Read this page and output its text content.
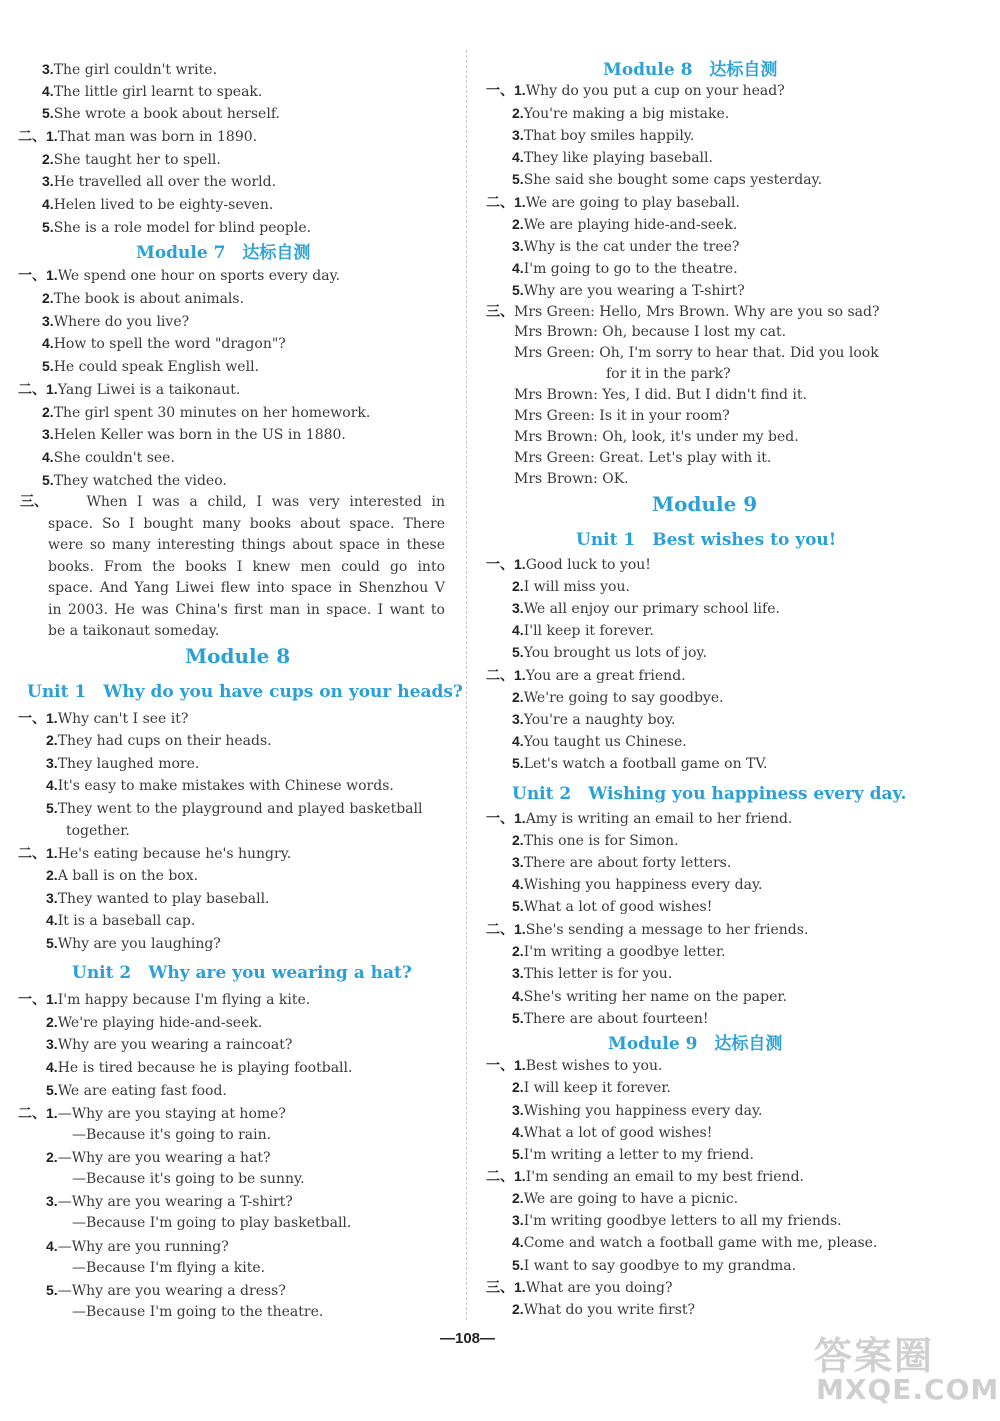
3.The girl couldn't write.
4.The little girl learnt to speak.
5.She wrote a book about herself.
二、1.That man was born in 1890.
2.She taught her to spell.
3.He travelled all over the world.
4.Helen lived to be eighty-seven.
5.She is a role model for blind people.
Module 7　达标自测
一、1.We spend one hour on sports every day.
2.The book is about animals.
3.Where do you live?
4.How to spell the word "dragon"?
5.He could speak English well.
二、1.Yang Liwei is a taikonaut.
2.The girl spent 30 minutes on her homework.
3.Helen Keller was born in the US in 1880.
4.She couldn't see.
5.They watched the video.
三、 　　When I was a child, I was very interested in
space. So I bought many books about space. There
were so many interesting things about space in these
books. From the books I knew men could go into
space. And Yang Liwei flew into space in Shenzhou V
in 2003. He was China's first man in space. I want to
be a taikonaut someday.
Module 8
Unit 1　Why do you have cups on your heads?
一、1.Why can't I see it?
2.They had cups on their heads.
3.They laughed more.
4.It's easy to make mistakes with Chinese words.
5.They went to the playground and played basketball
together.
二、1.He's eating because he's hungry.
2.A ball is on the box.
3.They wanted to play baseball.
4.It is a baseball cap.
5.Why are you laughing?
Unit 2　Why are you wearing a hat?
一、1.I'm happy because I'm flying a kite.
2.We're playing hide-and-seek.
3.Why are you wearing a raincoat?
4.He is tired because he is playing football.
5.We are eating fast food.
二、1.—Why are you staying at home?
—Because it's going to rain.
2.—Why are you wearing a hat?
—Because it's going to be sunny.
3.—Why are you wearing a T-shirt?
—Because I'm going to play basketball.
4.—Why are you running?
—Because I'm flying a kite.
5.—Why are you wearing a dress?
—Because I'm going to the theatre.
Module 8　达标自测
一、1.Why do you put a cup on your head?
2.You're making a big mistake.
3.That boy smiles happily.
4.They like playing baseball.
5.She said she bought some caps yesterday.
二、1.We are going to play baseball.
2.We are playing hide-and-seek.
3.Why is the cat under the tree?
4.I'm going to go to the theatre.
5.Why are you wearing a T-shirt?
三、Mrs Green: Hello, Mrs Brown. Why are you so sad?
Mrs Brown: Oh, because I lost my cat.
Mrs Green: Oh, I'm sorry to hear that. Did you look
for it in the park?
Mrs Brown: Yes, I did. But I didn't find it.
Mrs Green: Is it in your room?
Mrs Brown: Oh, look, it's under my bed.
Mrs Green: Great. Let's play with it.
Mrs Brown: OK.
Module 9
Unit 1　Best wishes to you!
一、1.Good luck to you!
2.I will miss you.
3.We all enjoy our primary school life.
4.I'll keep it forever.
5.You brought us lots of joy.
二、1.You are a great friend.
2.We're going to say goodbye.
3.You're a naughty boy.
4.You taught us Chinese.
5.Let's watch a football game on TV.
Unit 2　Wishing you happiness every day.
一、1.Amy is writing an email to her friend.
2.This one is for Simon.
3.There are about forty letters.
4.Wishing you happiness every day.
5.What a lot of good wishes!
二、1.She's sending a message to her friends.
2.I'm writing a goodbye letter.
3.This letter is for you.
4.She's writing her name on the paper.
5.There are about fourteen!
Module 9　达标自测
一、1.Best wishes to you.
2.I will keep it forever.
3.Wishing you happiness every day.
4.What a lot of good wishes!
5.I'm writing a letter to my friend.
二、1.I'm sending an email to my best friend.
2.We are going to have a picnic.
3.I'm writing goodbye letters to all my friends.
4.Come and watch a football game with me, please.
5.I want to say goodbye to my grandma.
三、1.What are you doing?
2.What do you write first?
—108—	答案圈
MXQE.COM
